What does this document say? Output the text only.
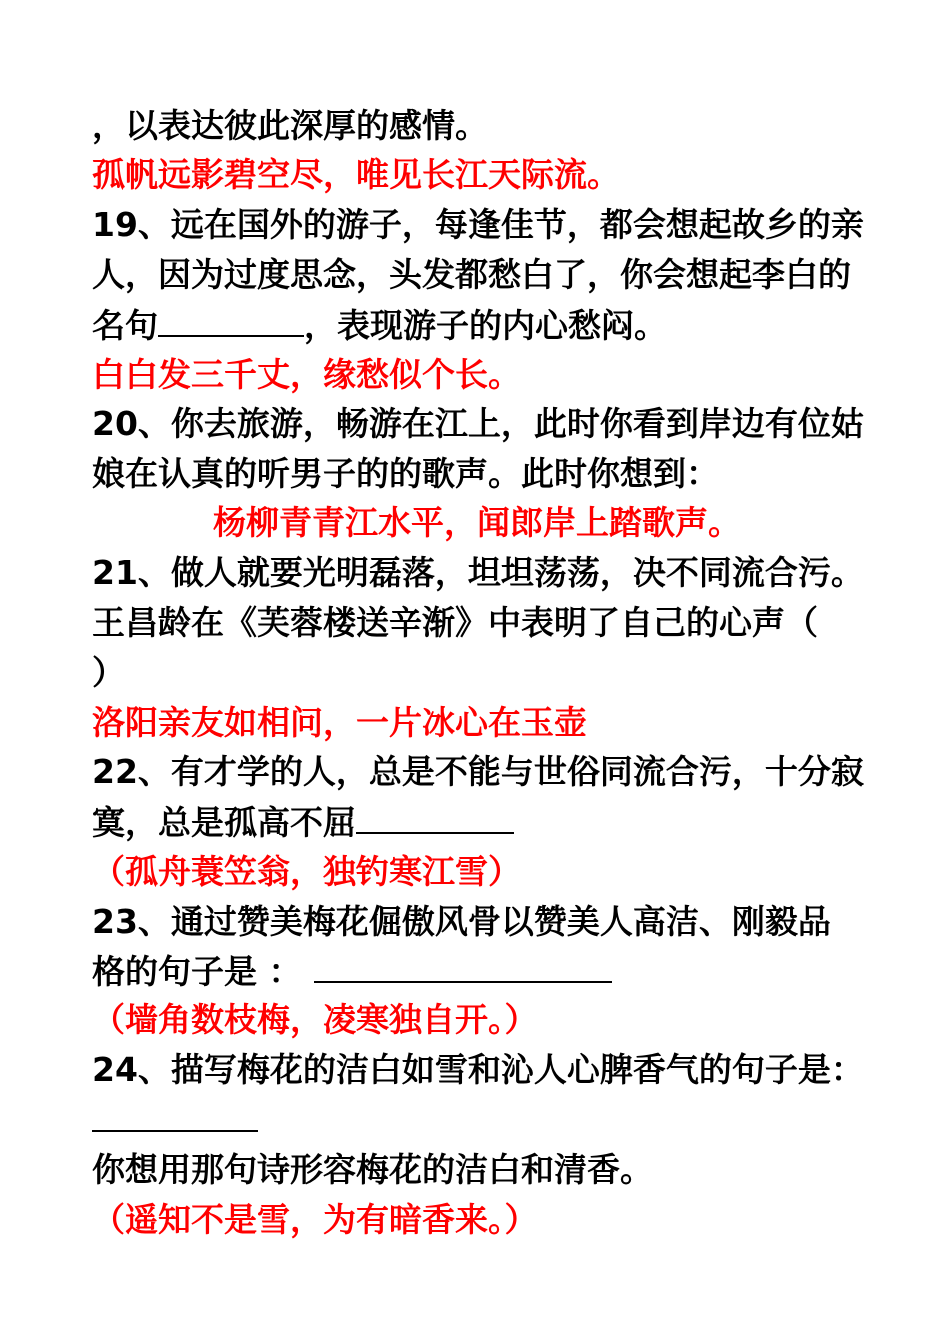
，以表达彼此深厚的感情。
孤帆远影碧空尽，唯见长江天际流。
19、远在国外的游子，每逢佳节，都会想起故乡的亲
人，因为过度思念，头发都愁白了，你会想起李白的
名句	，表现游子的内心愁闷。
白白发三千丈，缘愁似个长。
20、你去旅游，畅游在江上，此时你看到岸边有位姑
娘在认真的听男子的的歌声。此时你想到：
杨柳青青江水平，闻郎岸上踏歌声。
21、做人就要光明磊落，坦坦荡荡，决不同流合污。
王昌龄在《芙蓉楼送辛渐》中表明了自己的心声（
）
洛阳亲友如相问，一片冰心在玉壶
22、有才学的人，总是不能与世俗同流合污，十分寂
寞，总是孤高不屈
（孤舟蓑笠翁，独钓寒江雪）
23、通过赞美梅花倔傲风骨以赞美人高洁、刚毅品
格的句子是 ：
（墙角数枝梅，凌寒独自开。）
24、描写梅花的洁白如雪和沁人心脾香气的句子是：
你想用那句诗形容梅花的洁白和清香。
（遥知不是雪，为有暗香来。）
